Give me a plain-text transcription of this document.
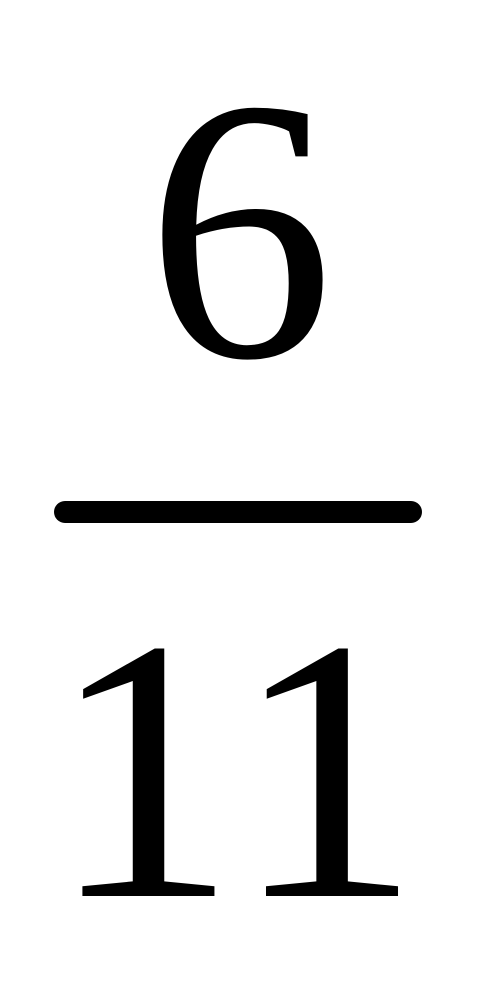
6
11
